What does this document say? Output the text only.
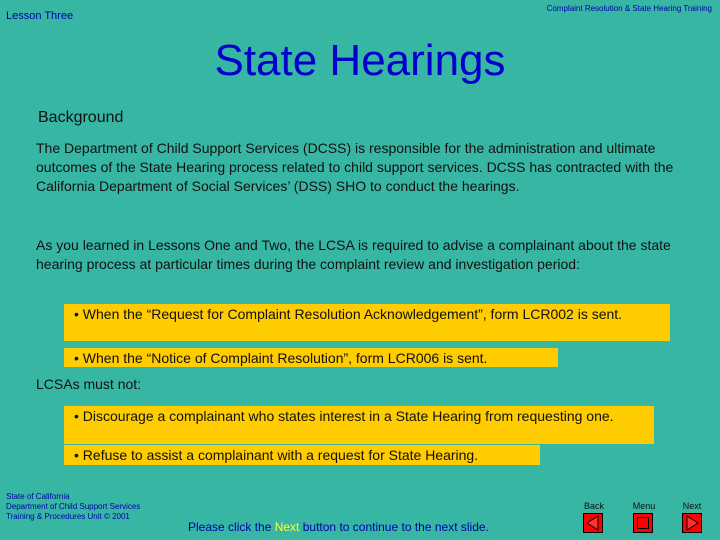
Lesson Three
Complaint Resolution & State Hearing Training
State Hearings
Background
The Department of Child Support Services (DCSS) is responsible for the administration and ultimate outcomes of the State Hearing process related to child support services. DCSS has contracted with the California Department of Social Services’ (DSS) SHO to conduct the hearings.
As you learned in Lessons One and Two, the LCSA is required to advise a complainant about the state hearing process at particular times during the complaint review and investigation period:
• When the “Request for Complaint Resolution Acknowledgement”, form LCR002 is sent.
• When the “Notice of Complaint Resolution”, form LCR006 is sent.
LCSAs must not:
• Discourage a complainant who states interest in a State Hearing from requesting one.
• Refuse to assist a complainant with a request for State Hearing.
State of California
Department of Child Support Services
Training & Procedures Unit © 2001
Please click the Next button to continue to the next slide.
Back	Menu	Next
